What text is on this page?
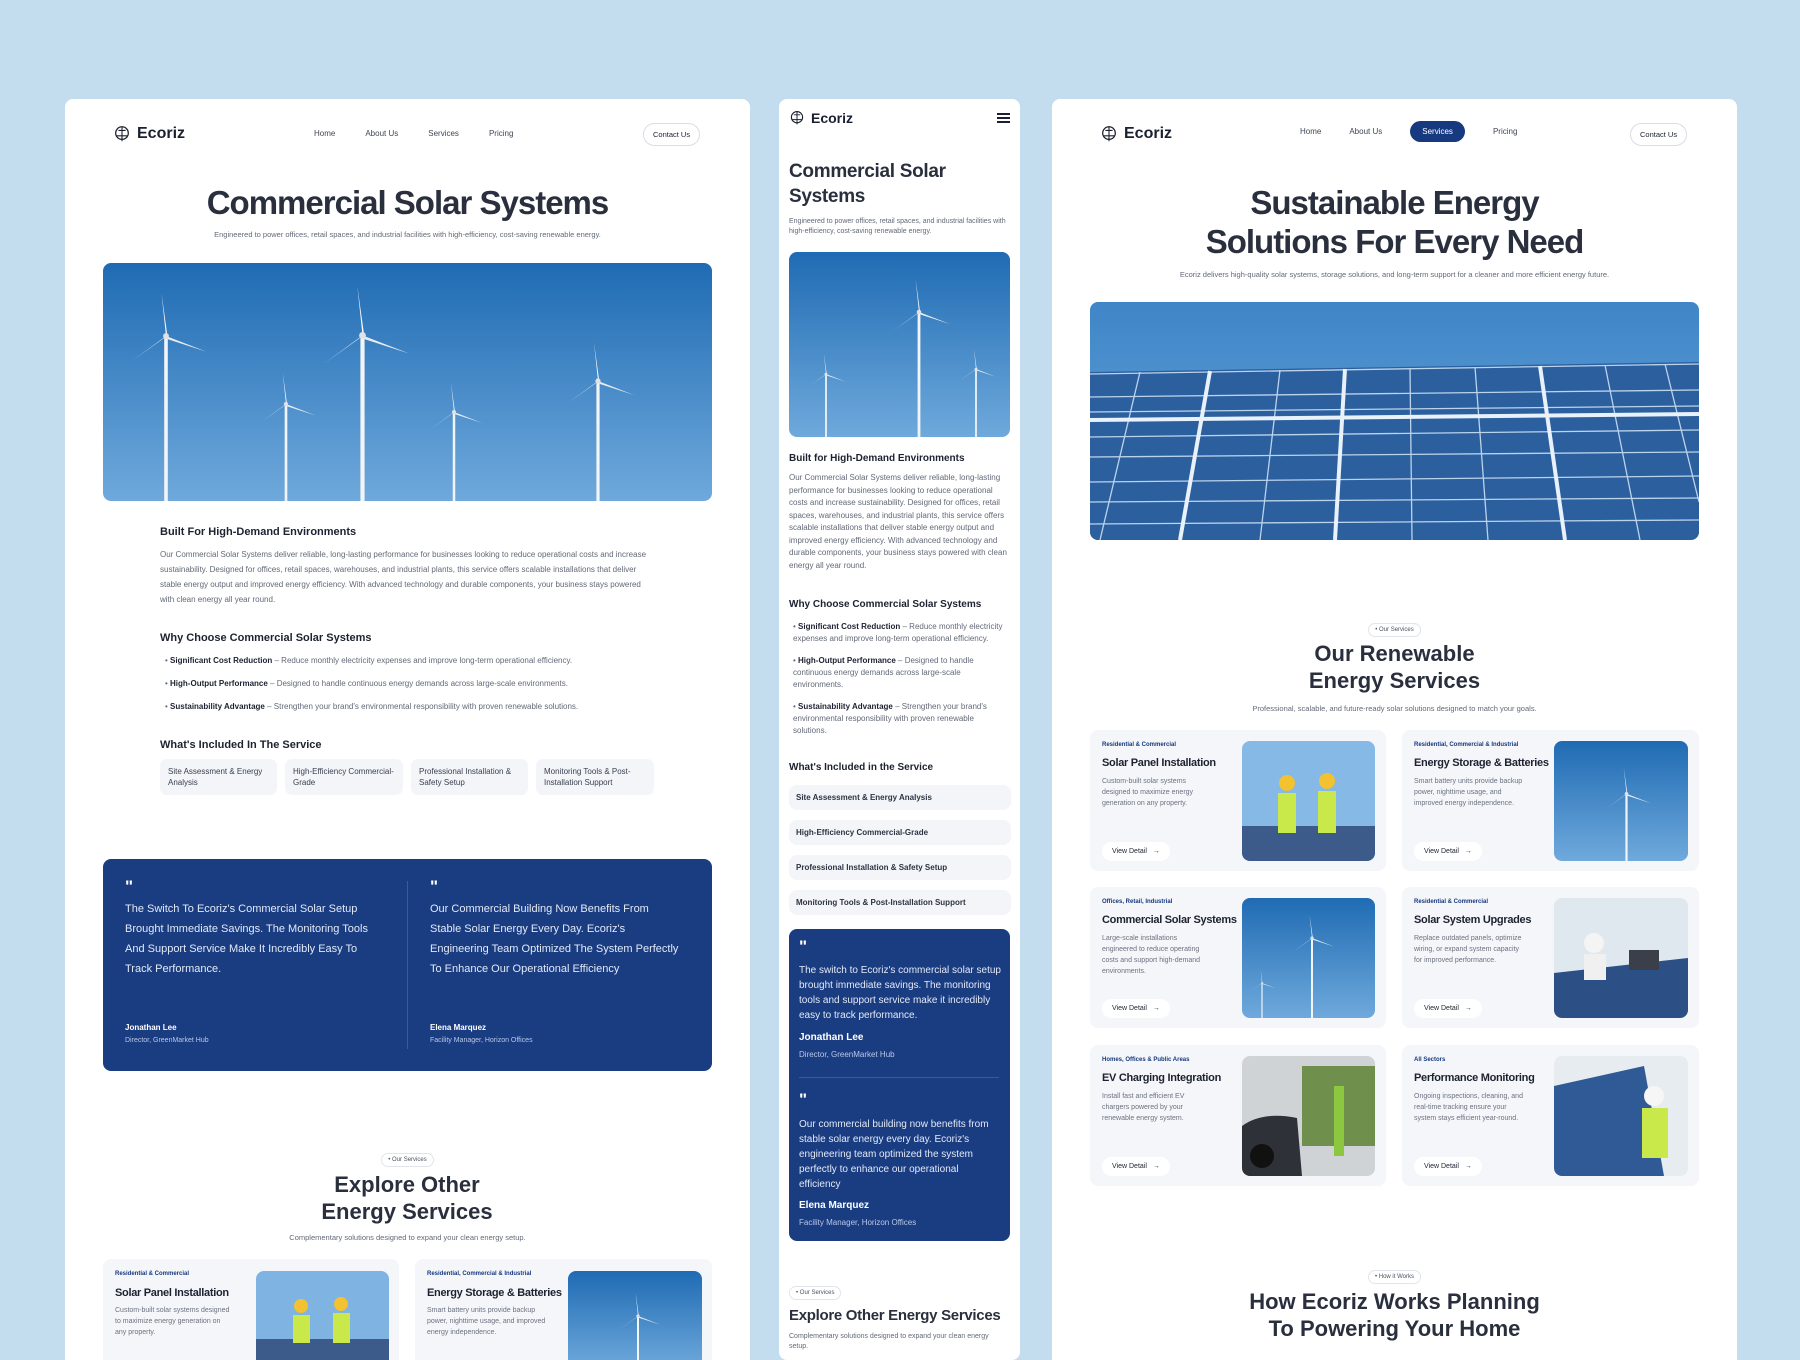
Ecoriz	Home	About Us	Services	Pricing	Contact Us
Commercial Solar Systems
Engineered to power offices, retail spaces, and industrial facilities with high-efficiency, cost-saving renewable energy.
Built For High-Demand Environments
Our Commercial Solar Systems deliver reliable, long-lasting performance for businesses looking to reduce operational costs and increase sustainability. Designed for offices, retail spaces, warehouses, and industrial plants, this service offers scalable installations that deliver stable energy output and improved energy efficiency. With advanced technology and durable components, your business stays powered with clean energy all year round.
Why Choose Commercial Solar Systems
• Significant Cost Reduction – Reduce monthly electricity expenses and improve long-term operational efficiency.
• High-Output Performance – Designed to handle continuous energy demands across large-scale environments.
• Sustainability Advantage – Strengthen your brand's environmental responsibility with proven renewable solutions.
What's Included In The Service
Site Assessment & Energy Analysis
High-Efficiency Commercial-Grade
Professional Installation & Safety Setup
Monitoring Tools & Post-Installation Support
"
The Switch To Ecoriz's Commercial Solar Setup Brought Immediate Savings. The Monitoring Tools And Support Service Make It Incredibly Easy To Track Performance.
Jonathan Lee
Director, GreenMarket Hub
"
Our Commercial Building Now Benefits From Stable Solar Energy Every Day. Ecoriz's Engineering Team Optimized The System Perfectly To Enhance Our Operational Efficiency
Elena Marquez
Facility Manager, Horizon Offices
• Our Services
Explore Other Energy Services
Complementary solutions designed to expand your clean energy setup.
Residential & Commercial
Solar Panel Installation
Custom-built solar systems designed to maximize energy generation on any property.
Residential, Commercial & Industrial
Energy Storage & Batteries
Smart battery units provide backup power, nighttime usage, and improved energy independence.
Ecoriz
Commercial Solar Systems
Engineered to power offices, retail spaces, and industrial facilities with high-efficiency, cost-saving renewable energy.
Built for High-Demand Environments
Our Commercial Solar Systems deliver reliable, long-lasting performance for businesses looking to reduce operational costs and increase sustainability. Designed for offices, retail spaces, warehouses, and industrial plants, this service offers scalable installations that deliver stable energy output and improved energy efficiency. With advanced technology and durable components, your business stays powered with clean energy all year round.
Why Choose Commercial Solar Systems
• Significant Cost Reduction – Reduce monthly electricity expenses and improve long-term operational efficiency.
• High-Output Performance – Designed to handle continuous energy demands across large-scale environments.
• Sustainability Advantage – Strengthen your brand's environmental responsibility with proven renewable solutions.
What's Included in the Service
Site Assessment & Energy Analysis
High-Efficiency Commercial-Grade
Professional Installation & Safety Setup
Monitoring Tools & Post-Installation Support
"
The switch to Ecoriz's commercial solar setup brought immediate savings. The monitoring tools and support service make it incredibly easy to track performance.
Jonathan Lee
Director, GreenMarket Hub
"
Our commercial building now benefits from stable solar energy every day. Ecoriz's engineering team optimized the system perfectly to enhance our operational efficiency
Elena Marquez
Facility Manager, Horizon Offices
• Our Services
Explore Other Energy Services
Complementary solutions designed to expand your clean energy setup.
Ecoriz	Home	About Us	Services	Pricing	Contact Us
Sustainable Energy
Solutions For Every Need
Ecoriz delivers high-quality solar systems, storage solutions, and long-term support for a cleaner and more efficient energy future.
• Our Services
Our Renewable
Energy Services
Professional, scalable, and future-ready solar solutions designed to match your goals.
Residential & Commercial
Solar Panel Installation
Custom-built solar systems designed to maximize energy generation on any property.
View Detail →
Residential, Commercial & Industrial
Energy Storage & Batteries
Smart battery units provide backup power, nighttime usage, and improved energy independence.
View Detail →
Offices, Retail, Industrial
Commercial Solar Systems
Large-scale installations engineered to reduce operating costs and support high-demand environments.
View Detail →
Residential & Commercial
Solar System Upgrades
Replace outdated panels, optimize wiring, or expand system capacity for improved performance.
View Detail →
Homes, Offices & Public Areas
EV Charging Integration
Install fast and efficient EV chargers powered by your renewable energy system.
View Detail →
All Sectors
Performance Monitoring
Ongoing inspections, cleaning, and real-time tracking ensure your system stays efficient year-round.
View Detail →
• How it Works
How Ecoriz Works Planning
To Powering Your Home
